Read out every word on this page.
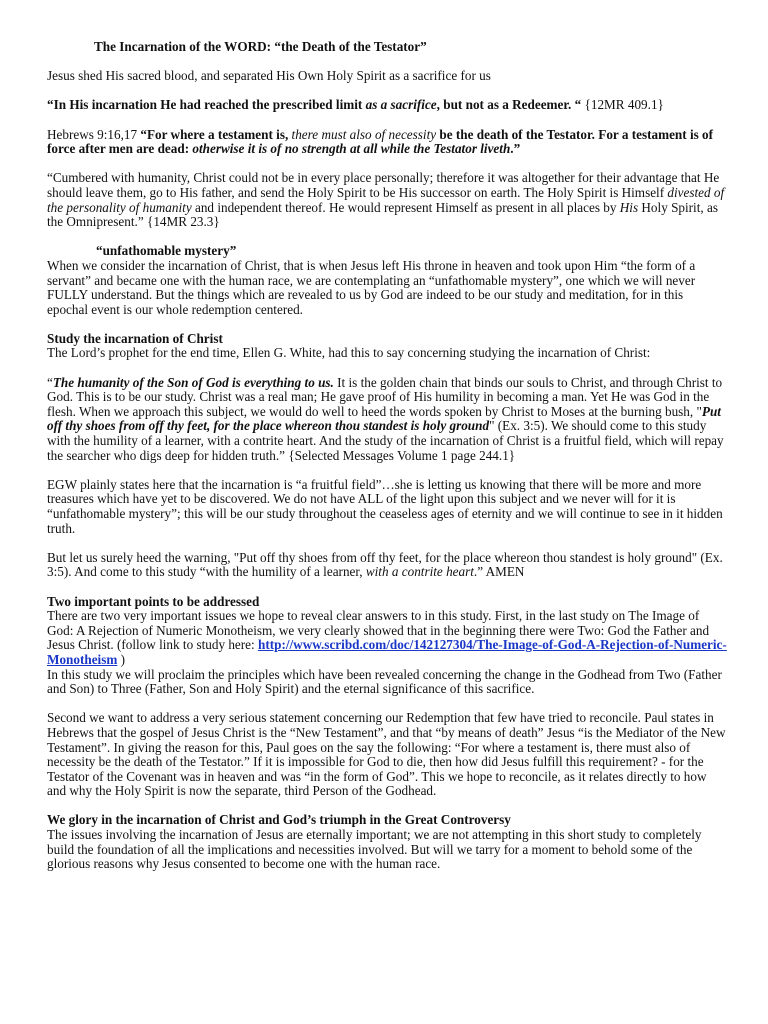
The Incarnation of the WORD: “the Death of the Testator”

Jesus shed His sacred blood, and separated His Own Holy Spirit as a sacrifice for us

“In His incarnation He had reached the prescribed limit as a sacrifice, but not as a Redeemer. “ {12MR 409.1}

Hebrews 9:16,17 “For where a testament is, there must also of necessity be the death of the Testator. For a testament is of force after men are dead: otherwise it is of no strength at all while the Testator liveth.”

“Cumbered with humanity, Christ could not be in every place personally; therefore it was altogether for their advantage that He should leave them, go to His father, and send the Holy Spirit to be His successor on earth. The Holy Spirit is Himself divested of the personality of humanity and independent thereof. He would represent Himself as present in all places by His Holy Spirit, as the Omnipresent.” {14MR 23.3}

“unfathomable mystery”
When we consider the incarnation of Christ, that is when Jesus left His throne in heaven and took upon Him “the form of a servant” and became one with the human race, we are contemplating an “unfathomable mystery”, one which we will never FULLY understand. But the things which are revealed to us by God are indeed to be our study and meditation, for in this epochal event is our whole redemption centered.
Study the incarnation of Christ
The Lord’s prophet for the end time, Ellen G. White, had this to say concerning studying the incarnation of Christ:

“The humanity of the Son of God is everything to us. It is the golden chain that binds our souls to Christ, and through Christ to God. This is to be our study. Christ was a real man; He gave proof of His humility in becoming a man. Yet He was God in the flesh. When we approach this subject, we would do well to heed the words spoken by Christ to Moses at the burning bush, "Put off thy shoes from off thy feet, for the place whereon thou standest is holy ground" (Ex. 3:5). We should come to this study with the humility of a learner, with a contrite heart. And the study of the incarnation of Christ is a fruitful field, which will repay the searcher who digs deep for hidden truth.” {Selected Messages Volume 1 page 244.1}

EGW plainly states here that the incarnation is “a fruitful field”…she is letting us knowing that there will be more and more treasures which have yet to be discovered. We do not have ALL of the light upon this subject and we never will for it is “unfathomable mystery”; this will be our study throughout the ceaseless ages of eternity and we will continue to see in it hidden truth.

But let us surely heed the warning, "Put off thy shoes from off thy feet, for the place whereon thou standest is holy ground" (Ex. 3:5). And come to this study “with the humility of a learner, with a contrite heart.” AMEN

Two important points to be addressed
There are two very important issues we hope to reveal clear answers to in this study. First, in the last study on The Image of God: A Rejection of Numeric Monotheism, we very clearly showed that in the beginning there were Two: God the Father and Jesus Christ. (follow link to study here: http://www.scribd.com/doc/142127304/The-Image-of-God-A-Rejection-of-Numeric-Monotheism )
In this study we will proclaim the principles which have been revealed concerning the change in the Godhead from Two (Father and Son) to Three (Father, Son and Holy Spirit) and the eternal significance of this sacrifice.

Second we want to address a very serious statement concerning our Redemption that few have tried to reconcile. Paul states in Hebrews that the gospel of Jesus Christ is the “New Testament”, and that “by means of death” Jesus “is the Mediator of the New Testament”. In giving the reason for this, Paul goes on the say the following: “For where a testament is, there must also of necessity be the death of the Testator.” If it is impossible for God to die, then how did Jesus fulfill this requirement? - for the Testator of the Covenant was in heaven and was “in the form of God”. This we hope to reconcile, as it relates directly to how and why the Holy Spirit is now the separate, third Person of the Godhead.

We glory in the incarnation of Christ and God’s triumph in the Great Controversy
The issues involving the incarnation of Jesus are eternally important; we are not attempting in this short study to completely build the foundation of all the implications and necessities involved. But will we tarry for a moment to behold some of the glorious reasons why Jesus consented to become one with the human race.
